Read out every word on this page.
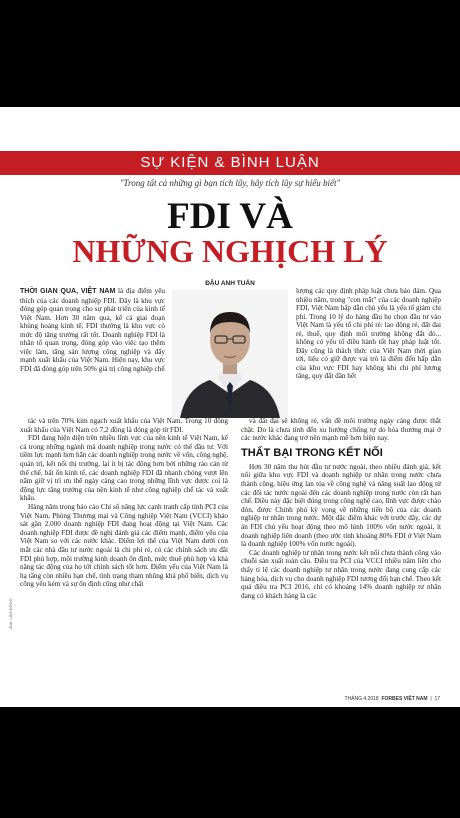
SỰ KIỆN & BÌNH LUẬN
"Trong tất cả những gì bạn tích lũy, hãy tích lũy sự hiểu biết"
FDI VÀ
NHỮNG NGHỊCH LÝ
ĐẬU ANH TUẤN

THỜI GIAN QUA, VIỆT NAM là địa điểm yêu thích của các doanh nghiệp FDI. Đây là khu vực đóng góp quan trọng cho sự phát triển của kinh tế Việt Nam. Hơn 30 năm qua, kể cả giai đoạn khủng hoảng kinh tế, FDI thường là khu vực có mức độ tăng trưởng rất tốt. Doanh nghiệp FDI là nhân tố quan trọng, đóng góp vào việc tạo thêm việc làm, tăng sản lượng công nghiệp và đẩy mạnh xuất khẩu của Việt Nam. Hiện nay, khu vực FDI đã đóng góp trên 50% giá trị công nghiệp chế

lượng các quy định pháp luật chưa bảo đảm. Qua nhiều năm, trong "con mắt" của các doanh nghiệp FDI, Việt Nam hấp dẫn chủ yếu là yếu tố giảm chi phí. Trong 10 lý do hàng đầu họ chọn đầu tư vào Việt Nam là yếu tố chi phí rẻ: lao động rẻ, đất đai rẻ, thuế, quy định môi trường không đắt đỏ... không có yếu tố điều hành tốt hay pháp luật tốt. Đây cũng là thách thức của Việt Nam thời gian tới, liệu có giữ được vai trò là điểm đến hấp dẫn của khu vực FDI hay không khi chi phí lương tăng, quy đất dần hết

tác và trên 70% kim ngạch xuất khẩu của Việt Nam. Trong 10 đồng xuất khẩu của Việt Nam có 7,2 đồng là đóng góp từ FDI.

FDI đang hiện diện trên nhiều lĩnh vực của nền kinh tế Việt Nam, kể cả trong những ngành mà doanh nghiệp trong nước có thế đầu tư. Với tiềm lực mạnh hơn hẳn các doanh nghiệp trong nước về vốn, công nghệ, quản trị, kết nối thị trường, lại ít bị tác động hơn bởi những rào cản từ thể chế, bất ổn kinh tế, các doanh nghiệp FDI đã nhanh chóng vượt lên nắm giữ vị trí ưu thế ngày càng cao trong những lĩnh vực được coi là động lực tăng trưởng của nền kinh tế như công nghiệp chế tác và xuất khẩu.

Hàng năm trong báo cáo Chỉ số năng lực cạnh tranh cấp tỉnh PCI của Việt Nam, Phòng Thương mại và Công nghiệp Việt Nam (VCCI) khảo sát gần 2.000 doanh nghiệp FDI đang hoạt động tại Việt Nam. Các doanh nghiệp FDI được đề nghị đánh giá các điểm mạnh, điểm yếu của Việt Nam so với các nước khác. Điểm lợi thế của Việt Nam dưới con mắt các nhà đầu tư nước ngoài là chi phí rẻ, có các chính sách ưu đãi FDI phù hợp, môi trường kinh doanh ổn định, mức thuê phù hợp và khả năng tác động của họ tới chính sách tốt hơn. Điểm yếu của Việt Nam là hạ tầng còn nhiều hạn chế, tình trạng tham nhũng khá phổ biến, dịch vụ công yếu kém và sự ổn định cũng như chất

và đất đai sẽ không rẻ, vấn đề môi trường ngày càng được thắt chặt. Do là chưa tính đến xu hướng chống tự do hóa thương mại ở các nước khác đang trở nên mạnh mẽ hơn hiện nay.

THẤT BẠI TRONG KẾT NỐI

Hơn 30 năm thu hút đầu tư nước ngoài, theo nhiều đánh giá, kết nối giữa khu vực FDI và doanh nghiệp tư nhân trong nước chưa thành công, hiệu ứng lan tỏa về công nghệ và năng suất lao động từ các đối tác nước ngoài đến các doanh nghiệp trong nước còn rất hạn chế. Điều này đặc biệt đúng trong công nghệ cao, lĩnh vực được chào đón, được Chính phủ kỳ vọng về những tiến bộ của các doanh nghiệp tư nhân trong nước. Một đặc điểm khác với trước đây, các dự án FDI chủ yếu hoạt động theo mô hình 100% vốn nước ngoài, ít doanh nghiệp liên doanh (theo ước tính khoảng 80% FDI ở Việt Nam là doanh nghiệp 100% vốn nước ngoài).

Các doanh nghiệp tư nhân trong nước kết nối chưa thành công vào chuỗi sản xuất toàn cầu. Điều tra PCI của VCCI nhiều năm liền cho thấy tỉ lệ các doanh nghiệp tư nhân trong nước đang cung cấp các hàng hóa, dịch vụ cho doanh nghiệp FDI tương đối hạn chế. Theo kết quả điều tra PCI 2016, chỉ có khoảng 14% doanh nghiệp tư nhân đang có khách hàng là các

Ảnh: LÂM ĐÔNG
THÁNG 4.2018 FORBES VIỆT NAM  |  17
